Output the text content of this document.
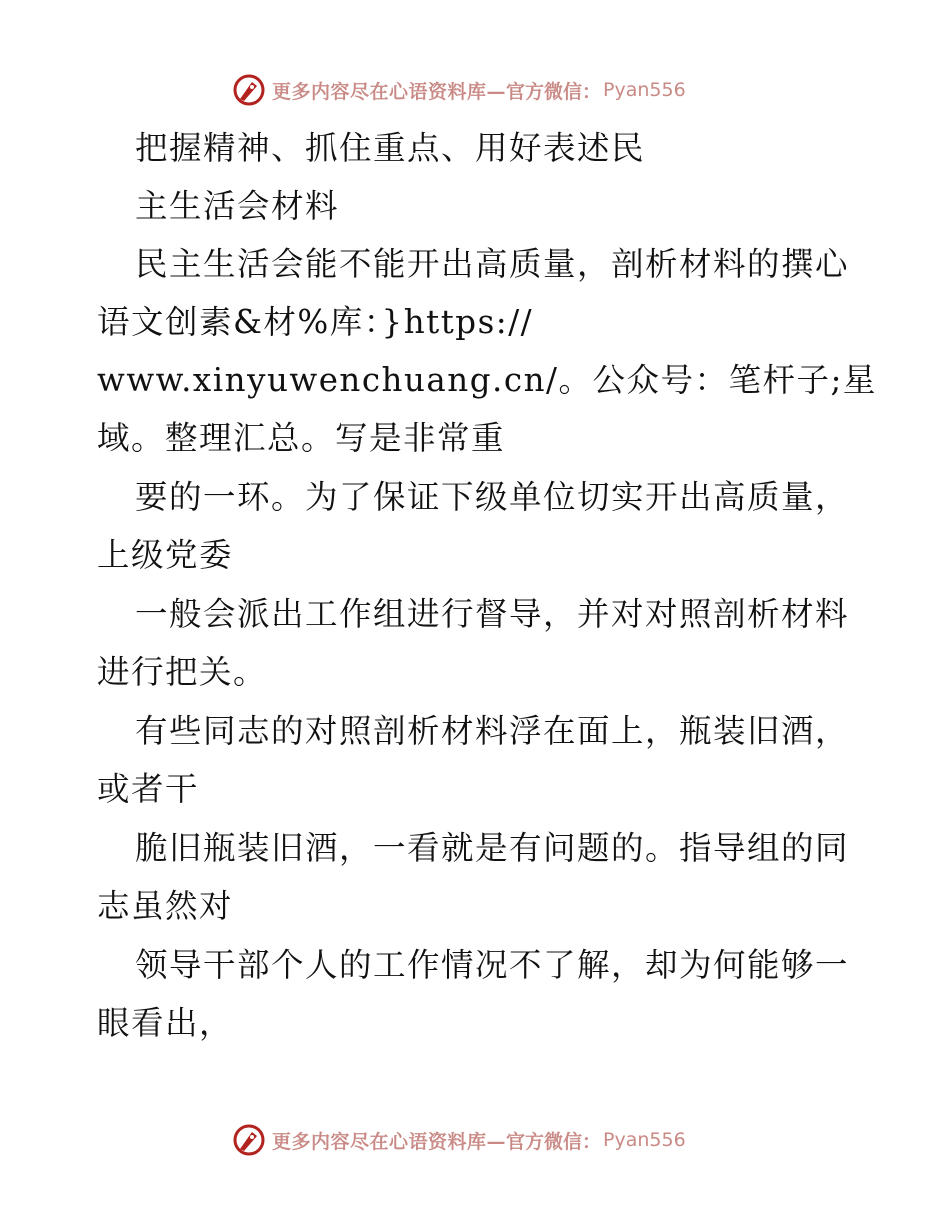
更多内容尽在心语资料库— 官方微信： Pyan556
把握精神、抓住重点、用好表述民
主生活会材料
民主生活会能不能开出高质量，剖析材料的撰心
语文创素&材%库：}https://
www.xinyuwenchuang.cn/。公众号：笔杆子;星
域。整理汇总。写是非常重
要的一环。为了保证下级单位切实开出高质量，
上级党委
一般会派出工作组进行督导，并对对照剖析材料
进行把关。
有些同志的对照剖析材料浮在面上，瓶装旧酒，
或者干
脆旧瓶装旧酒，一看就是有问题的。指导组的同
志虽然对
领导干部个人的工作情况不了解，却为何能够一
眼看出，
更多内容尽在心语资料库— 官方微信： Pyan556
